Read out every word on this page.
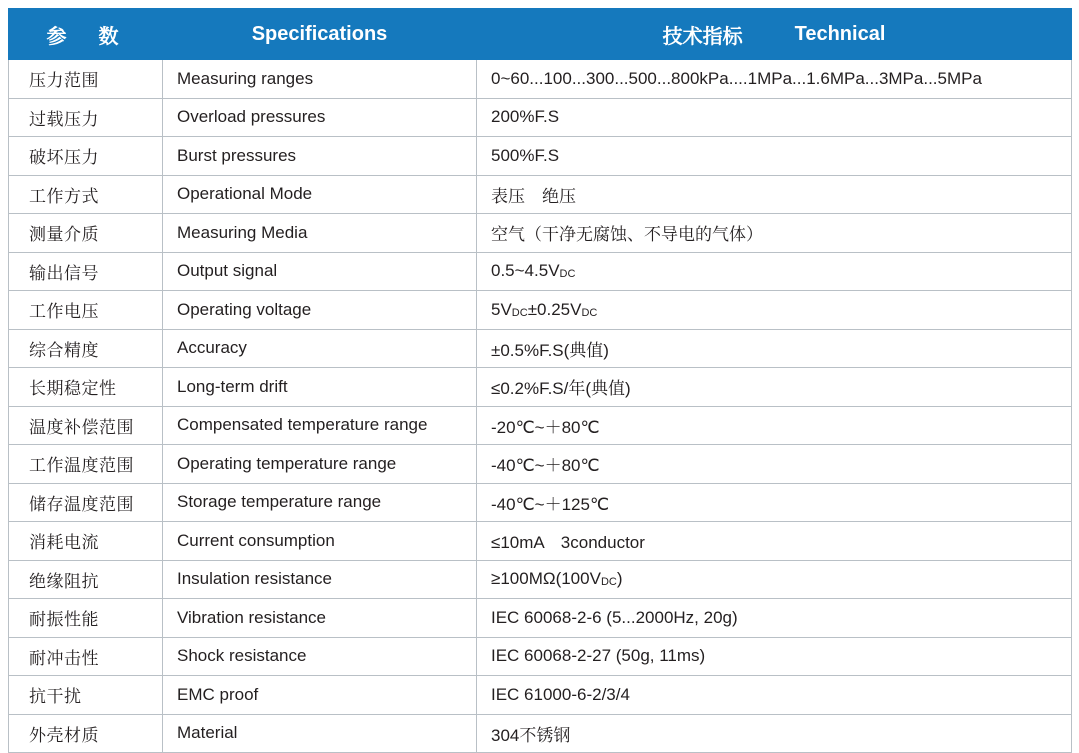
参　数	Specifications	技术指标 Technical

压力范围	Measuring ranges	0~60...100...300...500...800kPa....1MPa...1.6MPa...3MPa...5MPa
过载压力	Overload pressures	200%F.S
破坏压力	Burst pressures	500%F.S
工作方式	Operational Mode	表压　绝压
测量介质	Measuring Media	空气（干净无腐蚀、不导电的气体）
输出信号	Output signal	$0.5\sim 4.5V_{DC}$
工作电压	Operating voltage	$5V_{DC}\pm 0.25V_{DC}$
综合精度	Accuracy	±0.5%F.S(典值)
长期稳定性	Long-term drift	≤0.2%F.S/年(典值)
温度补偿范围	Compensated temperature range	-20℃~＋80℃
工作温度范围	Operating temperature range	-40℃~＋80℃
储存温度范围	Storage temperature range	-40℃~＋125℃
消耗电流	Current consumption	≤10mA　3conductor
绝缘阻抗	Insulation resistance	$\ge 100M\Omega(100V_{DC})$
耐振性能	Vibration resistance	IEC 60068-2-6 (5...2000Hz, 20g)
耐冲击性	Shock resistance	IEC 60068-2-27 (50g, 11ms)
抗干扰	EMC proof	IEC 61000-6-2/3/4
外壳材质	Material	304不锈钢
